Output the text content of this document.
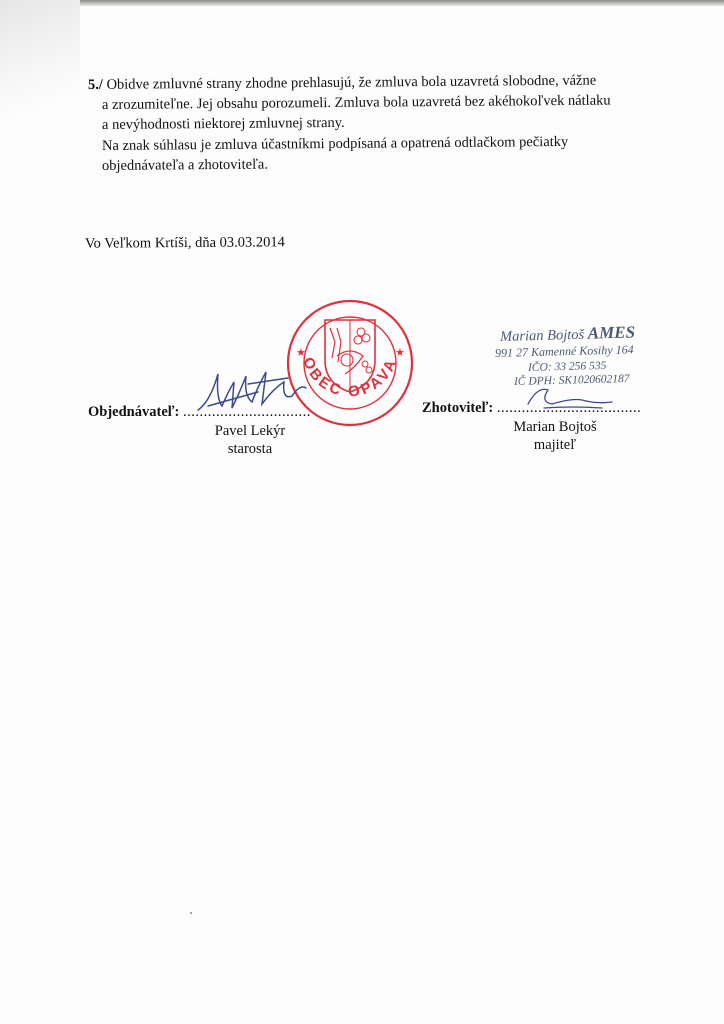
5./ Obidve zmluvné strany zhodne prehlasujú, že zmluva bola uzavretá slobodne, vážne
a zrozumiteľne. Jej obsahu porozumeli. Zmluva bola uzavretá bez akéhokoľvek nátlaku
a nevýhodnosti niektorej zmluvnej strany.
Na znak súhlasu je zmluva účastníkmi podpísaná a opatrená odtlačkom pečiatky
objednávateľa a zhotoviteľa.
Vo Veľkom Krtíši, dňa 03.03.2014
OBEC OPAVA
★	★
Marian Bojtoš AMES
991 27 Kamenné Kosihy 164
IČO: 33 256 535
IČ DPH: SK1020602187
Objednávateľ: ...............................
Pavel Lekýr
starosta
Zhotoviteľ: ...................................
Marian Bojtoš
majiteľ
